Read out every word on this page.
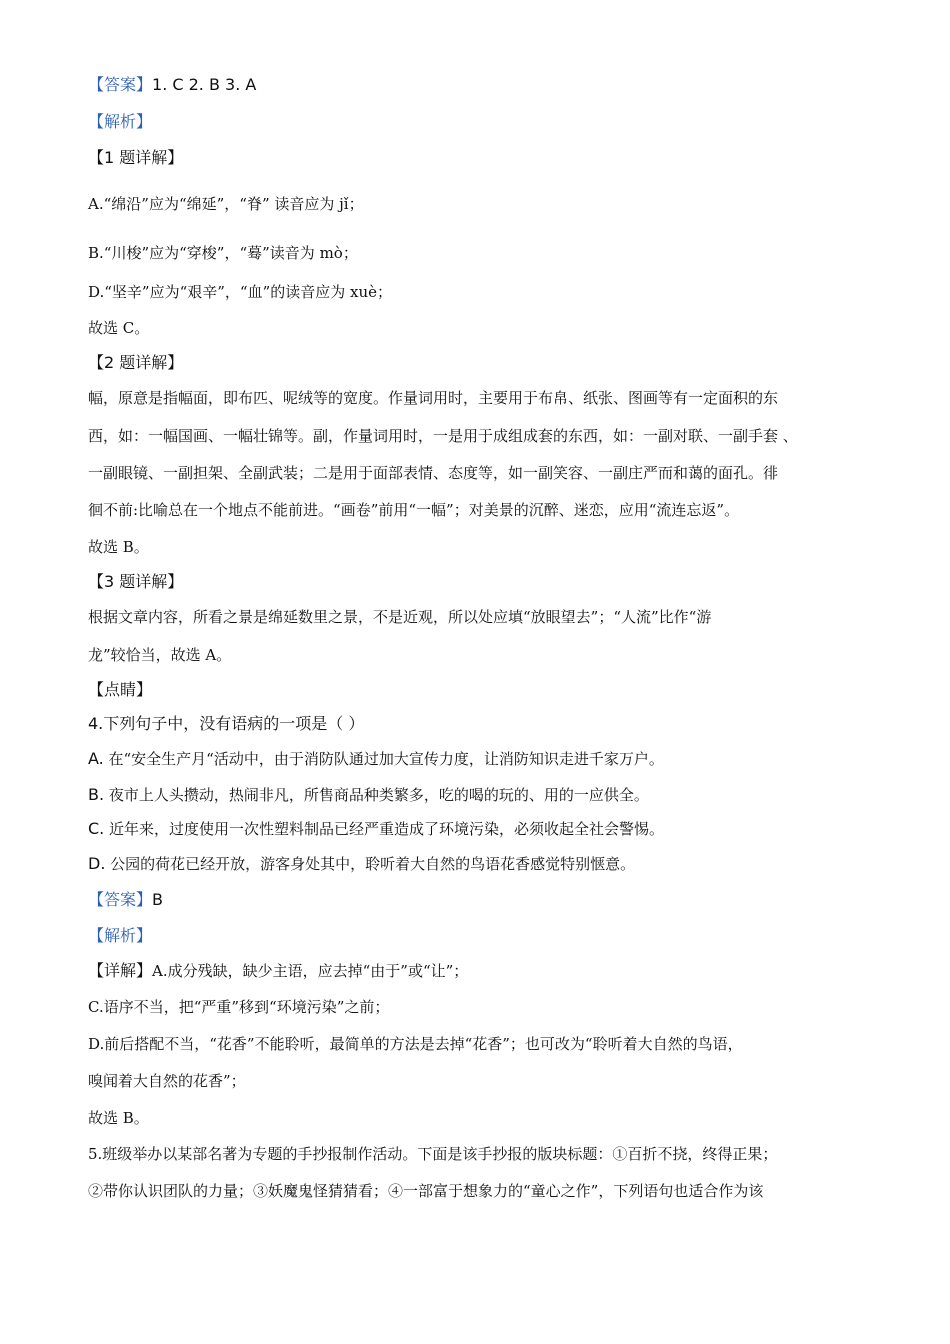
【答案】1. C 2. B 3. A
【解析】
【1 题详解】
A.“绵沿”应为“绵延”，“脊” 读音应为 jǐ；
B.“川梭”应为“穿梭”，“蓦”读音为 mò；
D.“坚辛”应为“艰辛”，“血”的读音应为 xuè；
故选 C。
【2 题详解】
幅，原意是指幅面，即布匹、呢绒等的宽度。作量词用时，主要用于布帛、纸张、图画等有一定面积的东
西，如：一幅国画、一幅壮锦等。副，作量词用时，一是用于成组成套的东西，如：一副对联、一副手套 、
一副眼镜、一副担架、全副武装；二是用于面部表情、态度等，如一副笑容、一副庄严而和蔼的面孔。徘
徊不前:比喻总在一个地点不能前进。“画卷”前用“一幅”；对美景的沉醉、迷恋，应用“流连忘返”。
故选 B。
【3 题详解】
根据文章内容，所看之景是绵延数里之景，不是近观，所以处应填“放眼望去”；“人流”比作“游
龙”较恰当，故选 A。
【点睛】
4.下列句子中，没有语病的一项是（ ）
A. 在“安全生产月“活动中，由于消防队通过加大宣传力度，让消防知识走进千家万户。
B. 夜市上人头攒动，热闹非凡，所售商品种类繁多，吃的喝的玩的、用的一应供全。
C. 近年来，过度使用一次性塑料制品已经严重造成了环境污染，必须收起全社会警惕。
D. 公园的荷花已经开放，游客身处其中，聆听着大自然的鸟语花香感觉特别惬意。
【答案】B
【解析】
【详解】A.成分残缺，缺少主语，应去掉“由于”或“让”；
C.语序不当，把“严重”移到“环境污染”之前；
D.前后搭配不当，“花香”不能聆听，最简单的方法是去掉“花香”；也可改为“聆听着大自然的鸟语，
嗅闻着大自然的花香”；
故选 B。
5.班级举办以某部名著为专题的手抄报制作活动。下面是该手抄报的版块标题：①百折不挠，终得正果；
②带你认识团队的力量；③妖魔鬼怪猜猜看；④一部富于想象力的“童心之作”，下列语句也适合作为该
